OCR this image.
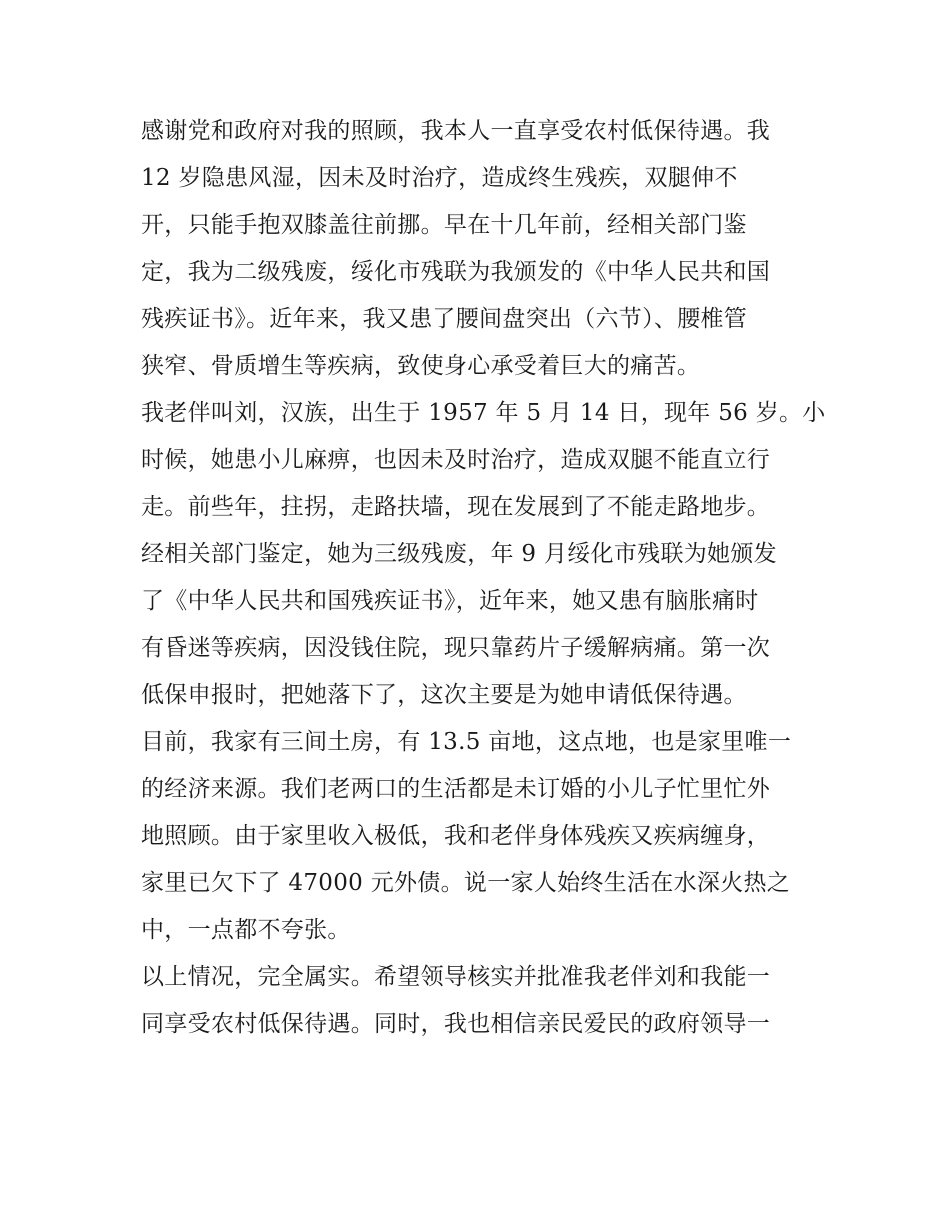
感谢党和政府对我的照顾，我本人一直享受农村低保待遇。我
12 岁隐患风湿，因未及时治疗，造成终生残疾，双腿伸不
开，只能手抱双膝盖往前挪。早在十几年前，经相关部门鉴
定，我为二级残废，绥化市残联为我颁发的《中华人民共和国
残疾证书》。近年来，我又患了腰间盘突出（六节）、腰椎管
狭窄、骨质增生等疾病，致使身心承受着巨大的痛苦。
我老伴叫刘，汉族，出生于 1957 年 5 月 14 日，现年 56 岁。小
时候，她患小儿麻痹，也因未及时治疗，造成双腿不能直立行
走。前些年，拄拐，走路扶墙，现在发展到了不能走路地步。
经相关部门鉴定，她为三级残废，年 9 月绥化市残联为她颁发
了《中华人民共和国残疾证书》，近年来，她又患有脑胀痛时
有昏迷等疾病，因没钱住院，现只靠药片子缓解病痛。第一次
低保申报时，把她落下了，这次主要是为她申请低保待遇。
目前，我家有三间土房，有 13.5 亩地，这点地，也是家里唯一
的经济来源。我们老两口的生活都是未订婚的小儿子忙里忙外
地照顾。由于家里收入极低，我和老伴身体残疾又疾病缠身，
家里已欠下了 47000 元外债。说一家人始终生活在水深火热之
中，一点都不夸张。
以上情况，完全属实。希望领导核实并批准我老伴刘和我能一
同享受农村低保待遇。同时，我也相信亲民爱民的政府领导一
